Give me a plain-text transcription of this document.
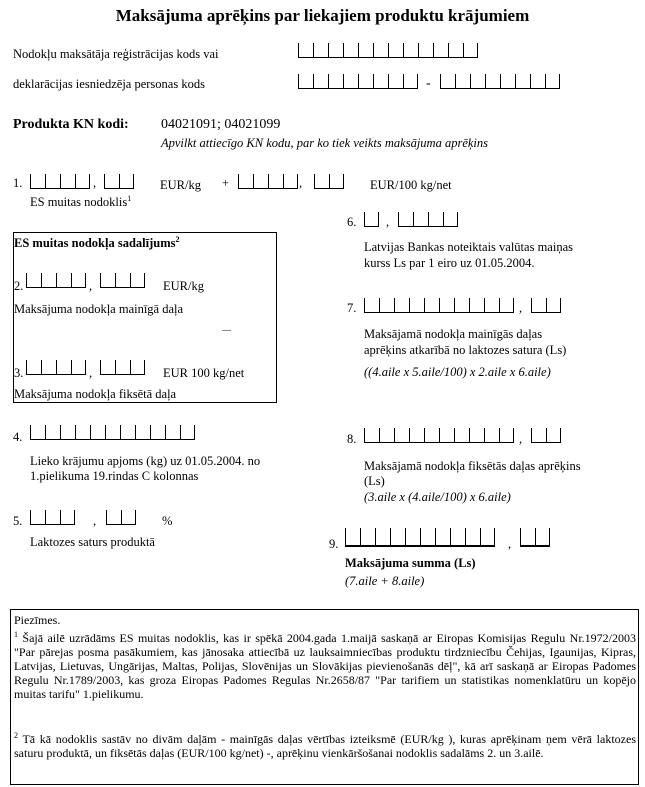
Maksājuma aprēķins par liekajiem produktu krājumiem
Nodokļu maksātāja reģistrācijas kods vai
deklarācijas iesniedzēja personas kods	-
Produkta KN kodi: 04021091; 04021099
Apvilkt attiecīgo KN kodu, par ko tiek veikts maksājuma aprēķins
1.	,	EUR/kg +	,	EUR/100 kg/net
ES muitas nodoklis$^1$
ES muitas nodokļa sadalījums$^2$
2.	,	EUR/kg
Maksājuma nodokļa mainīgā daļa
—
3.	,	EUR 100 kg/net
Maksājuma nodokļa fiksētā daļa
4.
Lieko krājumu apjoms (kg) uz 01.05.2004. no
1.pielikuma 19.rindas C kolonnas
5.	,	%
Laktozes saturs produktā
6. ,
Latvijas Bankas noteiktais valūtas maiņas
kurss Ls par 1 eiro uz 01.05.2004.
7.	,
Maksājamā nodokļa mainīgās daļas
aprēķins atkarībā no laktozes satura (Ls)
((4.aile x 5.aile/100) x 2.aile x 6.aile)
8.	,
Maksājamā nodokļa fiksētās daļas aprēķins
(Ls)
(3.aile x (4.aile/100) x 6.aile)
9.	,
Maksājuma summa (Ls)
(7.aile + 8.aile)
Piezīmes.
$^1$ Šajā ailē uzrādāms ES muitas nodoklis, kas ir spēkā 2004.gada 1.maijā saskaņā ar Eiropas Komisijas Regulu Nr.1972/2003 "Par pārejas posma pasākumiem, kas jānosaka attiecībā uz lauksaimniecības produktu tirdzniecību Čehijas, Igaunijas, Kipras, Latvijas, Lietuvas, Ungārijas, Maltas, Polijas, Slovēnijas un Slovākijas pievienošanās dēļ", kā arī saskaņā ar Eiropas Padomes Regulu Nr.1789/2003, kas groza Eiropas Padomes Regulas Nr.2658/87 "Par tarifiem un statistikas nomenklatūru un kopējo muitas tarifu" 1.pielikumu.
$^2$ Tā kā nodoklis sastāv no divām daļām - mainīgās daļas vērtības izteiksmē (EUR/kg ), kuras aprēķinam ņem vērā laktozes saturu produktā, un fiksētās daļas (EUR/100 kg/net) -, aprēķinu vienkāršošanai nodoklis sadalāms 2. un 3.ailē.
